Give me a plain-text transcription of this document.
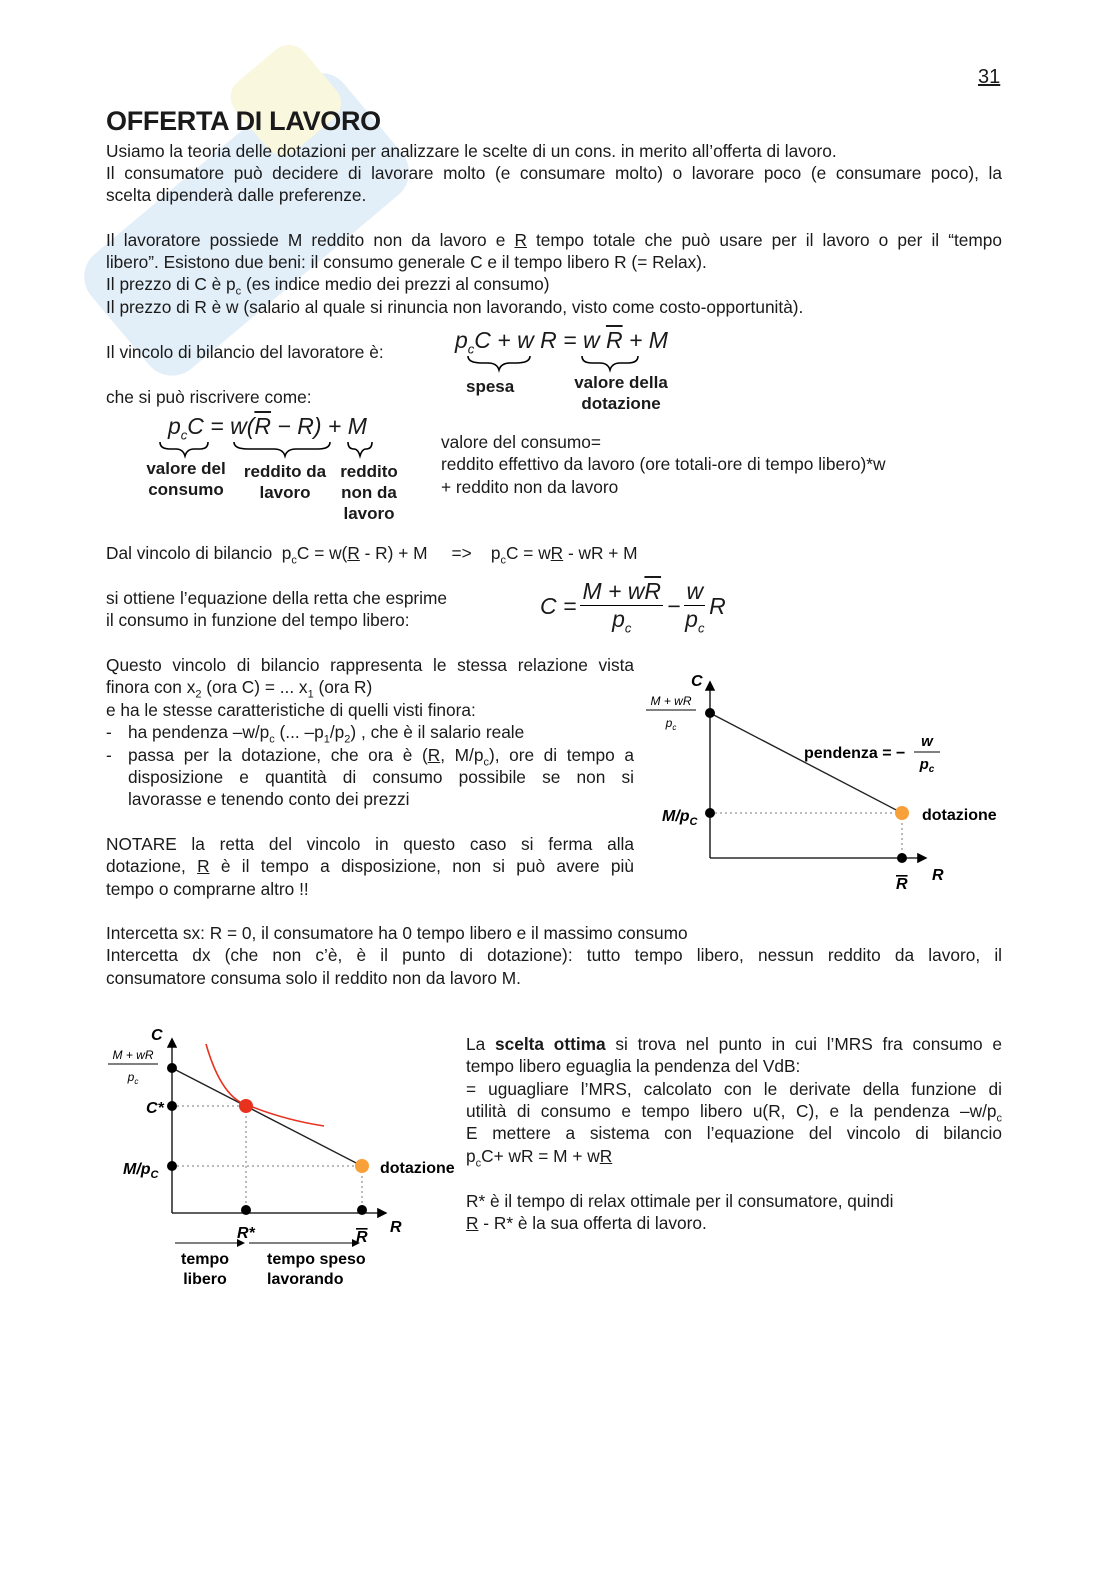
31
OFFERTA DI LAVORO

Usiamo la teoria delle dotazioni per analizzare le scelte di un cons. in merito all’offerta di lavoro.

Il consumatore può decidere di lavorare molto (e consumare molto) o lavorare poco (e consumare poco), la

scelta dipenderà dalle preferenze.

Il lavoratore possiede M reddito non da lavoro e R tempo totale che può usare per il lavoro o per il “tempo

libero”. Esistono due beni: il consumo generale C e il tempo libero R (= Relax).

Il prezzo di C è $p_c$ (es indice medio dei prezzi al consumo)

Il prezzo di R è w (salario al quale si rinuncia non lavorando, visto come costo-opportunità).

Il vincolo di bilancio del lavoratore è:

che si può riscrivere come:

$p_cC + w$ R = w $\overline{R} + M$
spesa	valore della dotazione
$p_cC = w(\overline{R} - R) + M$
valore del consumo
reddito da lavoro
reddito non da lavoro

valore del consumo=

reddito effettivo da lavoro (ore totali-ore di tempo libero)*w

+ reddito non da lavoro

Dal vincolo di bilancio  $p_cC = w(R - R) + M$     =>    $p_cC$ = wR - wR + M

si ottiene l’equazione della retta che esprime

il consumo in funzione del tempo libero:

$C = \frac{M + w\overline{R}}{p_c} - \frac{w}{p_c}$ R

Questo vincolo di bilancio rappresenta le stessa relazione vista

finora con $x_2$ (ora C) = ... $x_1$ (ora R)

e ha le stesse caratteristiche di quelli visti finora:

- ha pendenza $-w/p_c$ (... $-p_1/p_2$) , che è il salario reale

- passa per la dotazione, che ora è (R, $M/p_c$), ore di tempo a

disposizione e quantità di consumo possibile se non si

lavorasse e tenendo conto dei prezzi

NOTARE la retta del vincolo in questo caso si ferma alla

dotazione, R è il tempo a disposizione, non si può avere più

tempo o comprarne altro !!

C
R
R
$M/p_C$
M + wR
$p_c$
pendenza = −
w
$p_c$
dotazione

Intercetta sx: R = 0, il consumatore ha 0 tempo libero e il massimo consumo

Intercetta dx (che non c’è, è il punto di dotazione): tutto tempo libero, nessun reddito da lavoro, il

consumatore consuma solo il reddito non da lavoro M.

C
R
R*	R
C*
$M/p_C$
M + wR
$p_c$
dotazione
tempo
libero
tempo speso
lavorando

La scelta ottima si trova nel punto in cui l’MRS fra consumo e

tempo libero eguaglia la pendenza del VdB:

= uguagliare l’MRS, calcolato con le derivate della funzione di

utilità di consumo e tempo libero u(R, C), e la pendenza $-w/p_c$

E mettere a sistema con l’equazione del vincolo di bilancio

$p_cC+$ wR = M + wR

R* è il tempo di relax ottimale per il consumatore, quindi

R - R* è la sua offerta di lavoro.
